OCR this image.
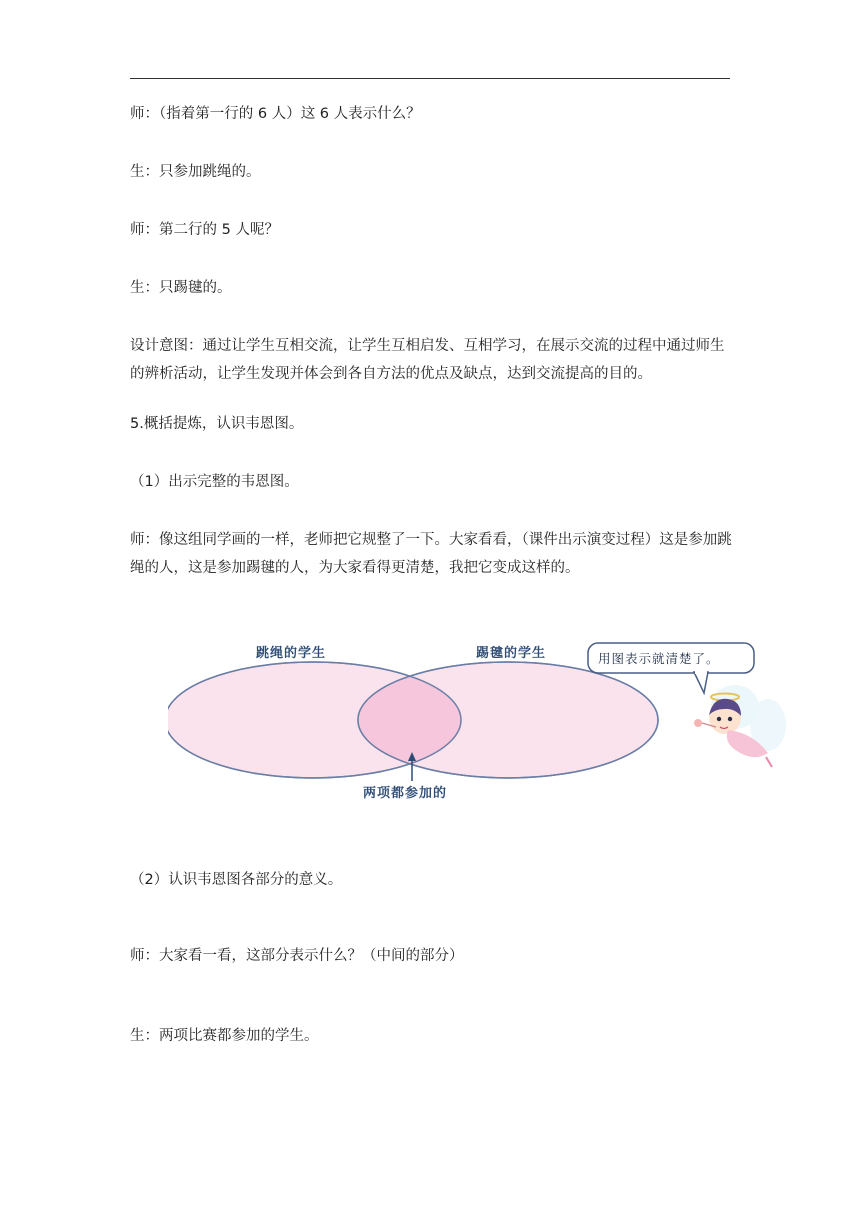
师：（指着第一行的 6 人）这 6 人表示什么？

生：只参加跳绳的。

师：第二行的 5 人呢？

生：只踢毽的。

设计意图：通过让学生互相交流，让学生互相启发、互相学习，在展示交流的过程中通过师生的辨析活动，让学生发现并体会到各自方法的优点及缺点，达到交流提高的目的。

5.概括提炼，认识韦恩图。

（1）出示完整的韦恩图。

师：像这组同学画的一样，老师把它规整了一下。大家看看，（课件出示演变过程）这是参加跳绳的人，这是参加踢毽的人，为大家看得更清楚，我把它变成这样的。

跳绳的学生	踢毽的学生
两项都参加的
用图表示就清楚了。

（2）认识韦恩图各部分的意义。

师：大家看一看，这部分表示什么？（中间的部分）

生：两项比赛都参加的学生。
